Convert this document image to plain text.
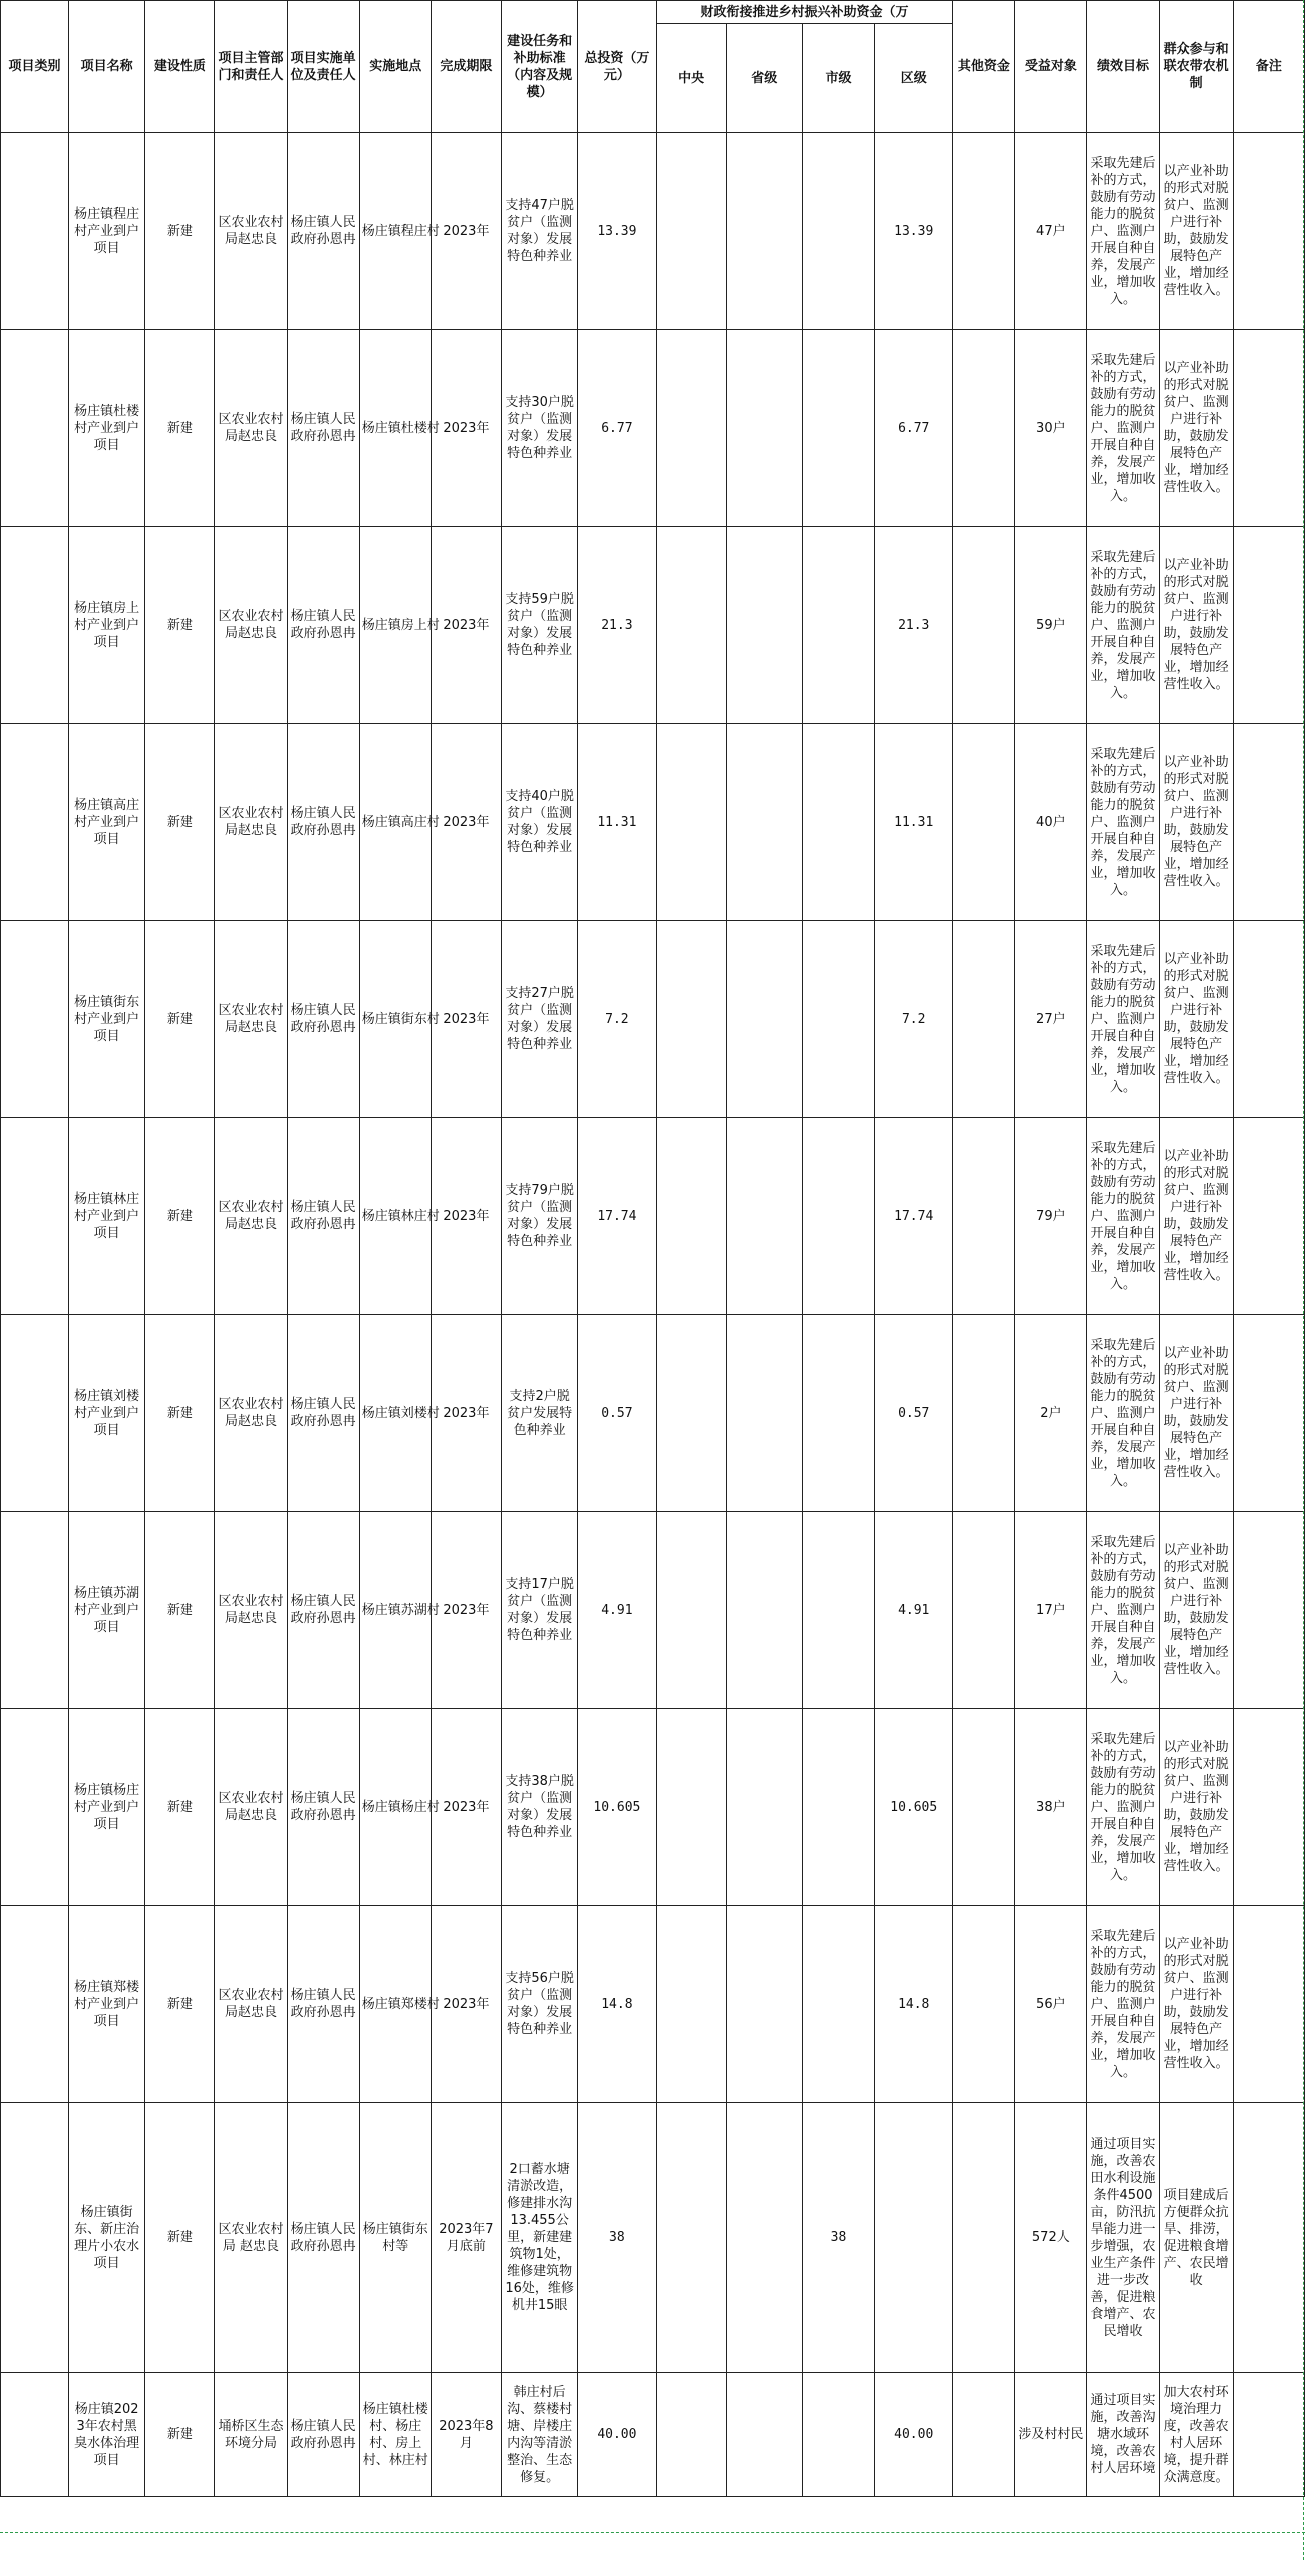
项目类别	项目名称	建设性质	项目主管部门和责任人	项目实施单位及责任人	实施地点	完成期限	建设任务和补助标准（内容及规模）	总投资（万元）	财政衔接推进乡村振兴补助资金（万				其他资金	受益对象	绩效目标	群众参与和联农带农机制	备注
									中央	省级	市级	区级					
	杨庄镇程庄村产业到户项目	新建	区农业农村局赵忠良	杨庄镇人民政府孙恩冉	杨庄镇程庄村	2023年	支持47户脱贫户（监测对象）发展特色种养业	13.39				13.39		47户	采取先建后补的方式，鼓励有劳动能力的脱贫户、监测户开展自种自养，发展产业，增加收入。	以产业补助的形式对脱贫户、监测户进行补助，鼓励发展特色产业，增加经营性收入。	
	杨庄镇杜楼村产业到户项目	新建	区农业农村局赵忠良	杨庄镇人民政府孙恩冉	杨庄镇杜楼村	2023年	支持30户脱贫户（监测对象）发展特色种养业	6.77				6.77		30户	采取先建后补的方式，鼓励有劳动能力的脱贫户、监测户开展自种自养，发展产业，增加收入。	以产业补助的形式对脱贫户、监测户进行补助，鼓励发展特色产业，增加经营性收入。	
	杨庄镇房上村产业到户项目	新建	区农业农村局赵忠良	杨庄镇人民政府孙恩冉	杨庄镇房上村	2023年	支持59户脱贫户（监测对象）发展特色种养业	21.3				21.3		59户	采取先建后补的方式，鼓励有劳动能力的脱贫户、监测户开展自种自养，发展产业，增加收入。	以产业补助的形式对脱贫户、监测户进行补助，鼓励发展特色产业，增加经营性收入。	
	杨庄镇高庄村产业到户项目	新建	区农业农村局赵忠良	杨庄镇人民政府孙恩冉	杨庄镇高庄村	2023年	支持40户脱贫户（监测对象）发展特色种养业	11.31				11.31		40户	采取先建后补的方式，鼓励有劳动能力的脱贫户、监测户开展自种自养，发展产业，增加收入。	以产业补助的形式对脱贫户、监测户进行补助，鼓励发展特色产业，增加经营性收入。	
	杨庄镇街东村产业到户项目	新建	区农业农村局赵忠良	杨庄镇人民政府孙恩冉	杨庄镇街东村	2023年	支持27户脱贫户（监测对象）发展特色种养业	7.2				7.2		27户	采取先建后补的方式，鼓励有劳动能力的脱贫户、监测户开展自种自养，发展产业，增加收入。	以产业补助的形式对脱贫户、监测户进行补助，鼓励发展特色产业，增加经营性收入。	
	杨庄镇林庄村产业到户项目	新建	区农业农村局赵忠良	杨庄镇人民政府孙恩冉	杨庄镇林庄村	2023年	支持79户脱贫户（监测对象）发展特色种养业	17.74				17.74		79户	采取先建后补的方式，鼓励有劳动能力的脱贫户、监测户开展自种自养，发展产业，增加收入。	以产业补助的形式对脱贫户、监测户进行补助，鼓励发展特色产业，增加经营性收入。	
	杨庄镇刘楼村产业到户项目	新建	区农业农村局赵忠良	杨庄镇人民政府孙恩冉	杨庄镇刘楼村	2023年	支持2户脱贫户发展特色种养业	0.57				0.57		2户	采取先建后补的方式，鼓励有劳动能力的脱贫户、监测户开展自种自养，发展产业，增加收入。	以产业补助的形式对脱贫户、监测户进行补助，鼓励发展特色产业，增加经营性收入。	
	杨庄镇苏湖村产业到户项目	新建	区农业农村局赵忠良	杨庄镇人民政府孙恩冉	杨庄镇苏湖村	2023年	支持17户脱贫户（监测对象）发展特色种养业	4.91				4.91		17户	采取先建后补的方式，鼓励有劳动能力的脱贫户、监测户开展自种自养，发展产业，增加收入。	以产业补助的形式对脱贫户、监测户进行补助，鼓励发展特色产业，增加经营性收入。	
	杨庄镇杨庄村产业到户项目	新建	区农业农村局赵忠良	杨庄镇人民政府孙恩冉	杨庄镇杨庄村	2023年	支持38户脱贫户（监测对象）发展特色种养业	10.605				10.605		38户	采取先建后补的方式，鼓励有劳动能力的脱贫户、监测户开展自种自养，发展产业，增加收入。	以产业补助的形式对脱贫户、监测户进行补助，鼓励发展特色产业，增加经营性收入。	
	杨庄镇郑楼村产业到户项目	新建	区农业农村局赵忠良	杨庄镇人民政府孙恩冉	杨庄镇郑楼村	2023年	支持56户脱贫户（监测对象）发展特色种养业	14.8				14.8		56户	采取先建后补的方式，鼓励有劳动能力的脱贫户、监测户开展自种自养，发展产业，增加收入。	以产业补助的形式对脱贫户、监测户进行补助，鼓励发展特色产业，增加经营性收入。	
	杨庄镇街东、新庄治理片小农水项目	新建	区农业农村局 赵忠良	杨庄镇人民政府孙恩冉	杨庄镇街东村等	2023年7月底前	2口蓄水塘清淤改造，修建排水沟13.455公里，新建建筑物1处，维修建筑物16处，维修机井15眼	38			38			572人	通过项目实施，改善农田水利设施条件4500亩，防汛抗旱能力进一步增强，农业生产条件进一步改善，促进粮食增产、农民增收	项目建成后方便群众抗旱、排涝，促进粮食增产、农民增收	
	杨庄镇2023年农村黑臭水体治理项目	新建	埇桥区生态环境分局	杨庄镇人民政府孙恩冉	杨庄镇杜楼村、杨庄村、房上村、林庄村	2023年8月	韩庄村后沟、蔡楼村塘、岸楼庄内沟等清淤整治、生态修复。	40.00				40.00		涉及村村民	通过项目实施，改善沟塘水域环境，改善农村人居环境	加大农村环境治理力度，改善农村人居环境，提升群众满意度。	
